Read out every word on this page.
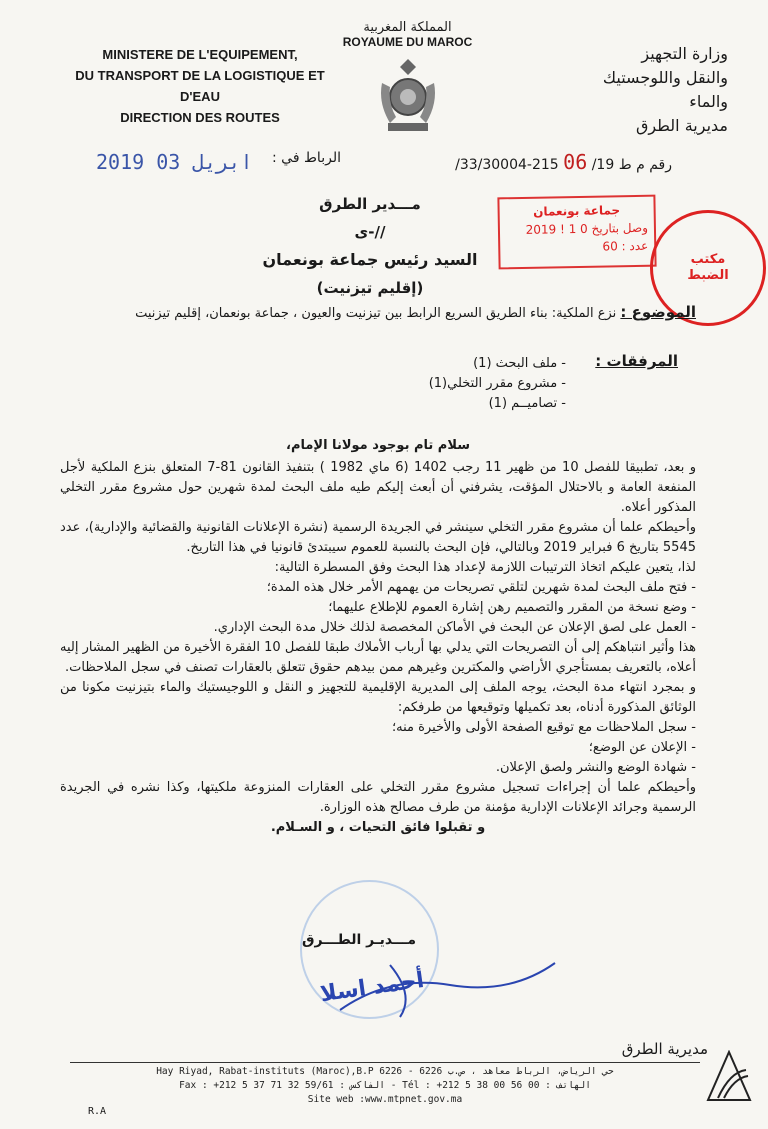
MINISTERE DE L'EQUIPEMENT,
DU TRANSPORT DE LA LOGISTIQUE ET
D'EAU
DIRECTION DES ROUTES
المملكة المغربية
ROYAUME DU MAROC
وزارة التجهيز
والنقل واللوجستيك
والماء
مديرية الطرق
رقم م ط 19/ 06 215-33/30004/
الرباط في :
2019 ابريل 03
مـــدير الطرق
//-ى
السيد رئيس جماعة بونعمان
(إقليم تيزنيت)
جماعة بونعمان
وصل بتاريخ 0 1 ! 2019
عدد : 60
مكتب الضبط
الموضوع : نزع الملكية: بناء الطريق السريع الرابط بين تيزنيت والعيون ، جماعة بونعمان، إقليم تيزنيت
المرفقات :
- ملف البحث (1)
- مشروع مقرر التخلي(1)
- تصاميــم (1)
سلام تام بوجود مولانا الإمام،
و بعد، تطبيقا للفصل 10 من ظهير 11 رجب 1402 (6 ماي 1982 ) بتنفيذ القانون 81-7 المتعلق بنزع الملكية لأجل المنفعة العامة و بالاحتلال المؤقت، يشرفني أن أبعث إليكم طيه ملف البحث لمدة شهرين حول مشروع مقرر التخلي المذكور أعلاه.
وأحيطكم علما أن مشروع مقرر التخلي سينشر في الجريدة الرسمية (نشرة الإعلانات القانونية والقضائية والإدارية)، عدد 5545 بتاريخ 6 فبراير 2019 وبالتالي، فإن البحث بالنسبة للعموم سيبتدئ قانونيا في هذا التاريخ.
لذا، يتعين عليكم اتخاذ الترتيبات اللازمة لإعداد هذا البحث وفق المسطرة التالية:
- فتح ملف البحث لمدة شهرين لتلقي تصريحات من يهمهم الأمر خلال هذه المدة؛
- وضع نسخة من المقرر والتصميم رهن إشارة العموم للإطلاع عليهما؛
- العمل على لصق الإعلان عن البحث في الأماكن المخصصة لذلك خلال مدة البحث الإداري.
هذا وأثير انتباهكم إلى أن التصريحات التي يدلي بها أرباب الأملاك طبقا للفصل 10 الفقرة الأخيرة من الظهير المشار إليه أعلاه، بالتعريف بمستأجري الأراضي والمكترين وغيرهم ممن بيدهم حقوق تتعلق بالعقارات تصنف في سجل الملاحظات.
و بمجرد انتهاء مدة البحث، يوجه الملف إلى المديرية الإقليمية للتجهيز و النقل و اللوجيستيك والماء بتيزنيت مكونا من الوثائق المذكورة أدناه، بعد تكميلها وتوقيعها من طرفكم:
- سجل الملاحظات مع توقيع الصفحة الأولى والأخيرة منه؛
- الإعلان عن الوضع؛
- شهادة الوضع والنشر ولصق الإعلان.
وأحيطكم علما أن إجراءات تسجيل مشروع مقرر التخلي على العقارات المنزوعة ملكيتها، وكذا نشره في الجريدة الرسمية وجرائد الإعلانات الإدارية مؤمنة من طرف مصالح هذه الوزارة.
و تقبلوا فائق التحيات ، و السـلام.
مـــديـر الطـــرق
أحمد اسلا
مديرية الطرق
Hay Riyad, Rabat-instituts (Maroc),B.P 6226 - 6226 حي الرياض، الرباط معاهد ، ص.ب
Fax : +212 5 37 71 32 59/61 : الفاكس - Tél : +212 5 38 00 56 00 : الهاتف
Site web :www.mtpnet.gov.ma
R.A
